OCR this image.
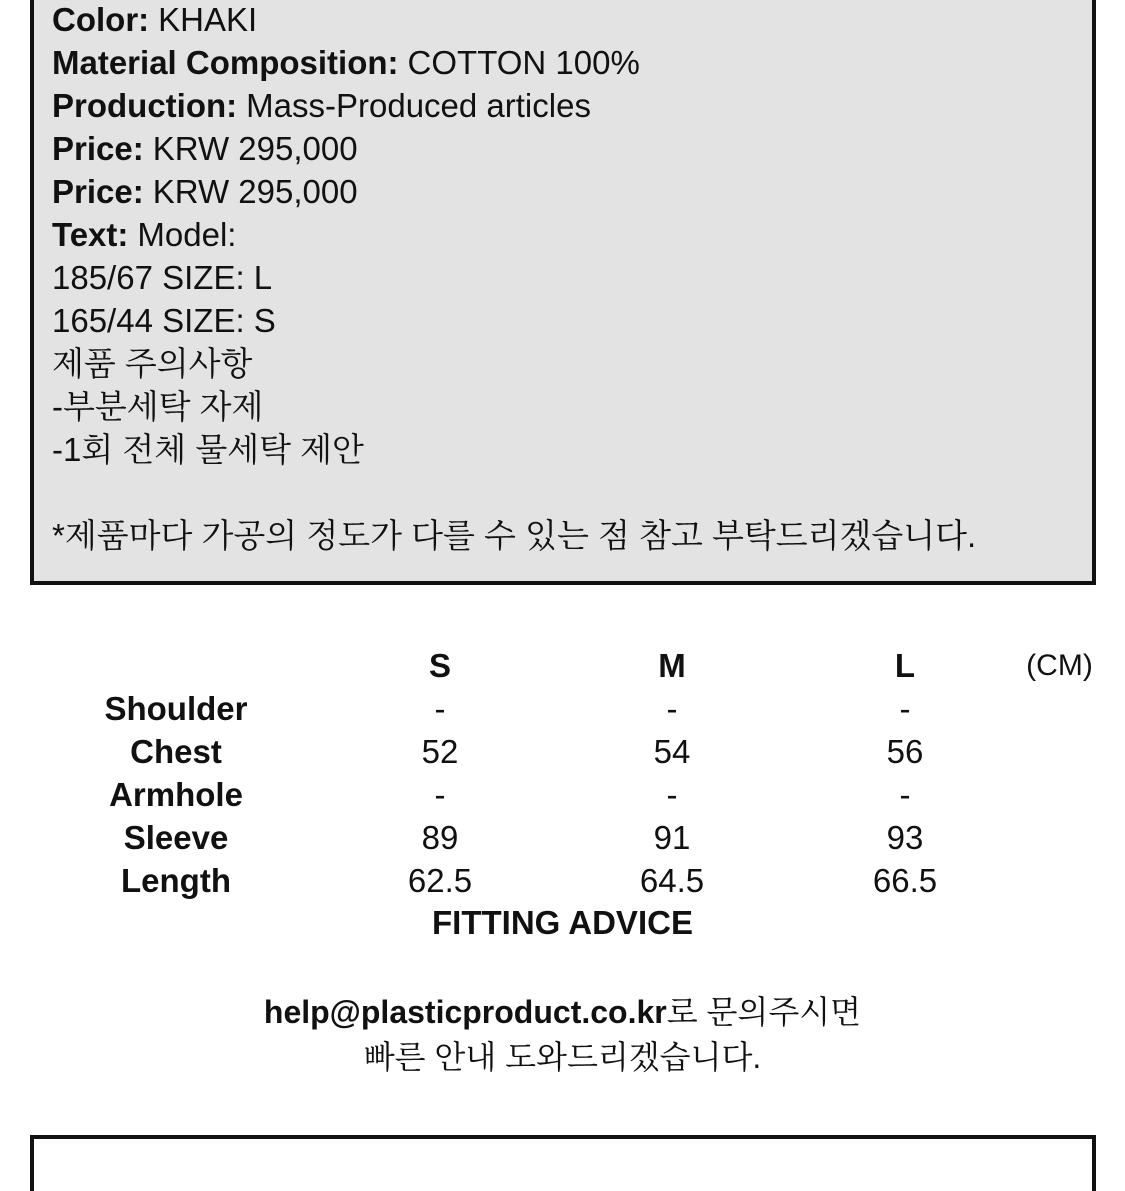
Color: KHAKI
Material Composition: COTTON 100%
Production: Mass-Produced articles
Price: KRW 295,000
Price: KRW 295,000
Text: Model:
185/67 SIZE: L
165/44 SIZE: S
제품 주의사항
-부분세탁 자제
-1회 전체 물세탁 제안
*제품마다 가공의 정도가 다를 수 있는 점 참고 부탁드리겠습니다.
	S	M	L	(CM)
Shoulder	-	-	-	
Chest	52	54	56	
Armhole	-	-	-	
Sleeve	89	91	93	
Length	62.5	64.5	66.5	
FITTING ADVICE
help@plasticproduct.co.kr로 문의주시면
빠른 안내 도와드리겠습니다.
